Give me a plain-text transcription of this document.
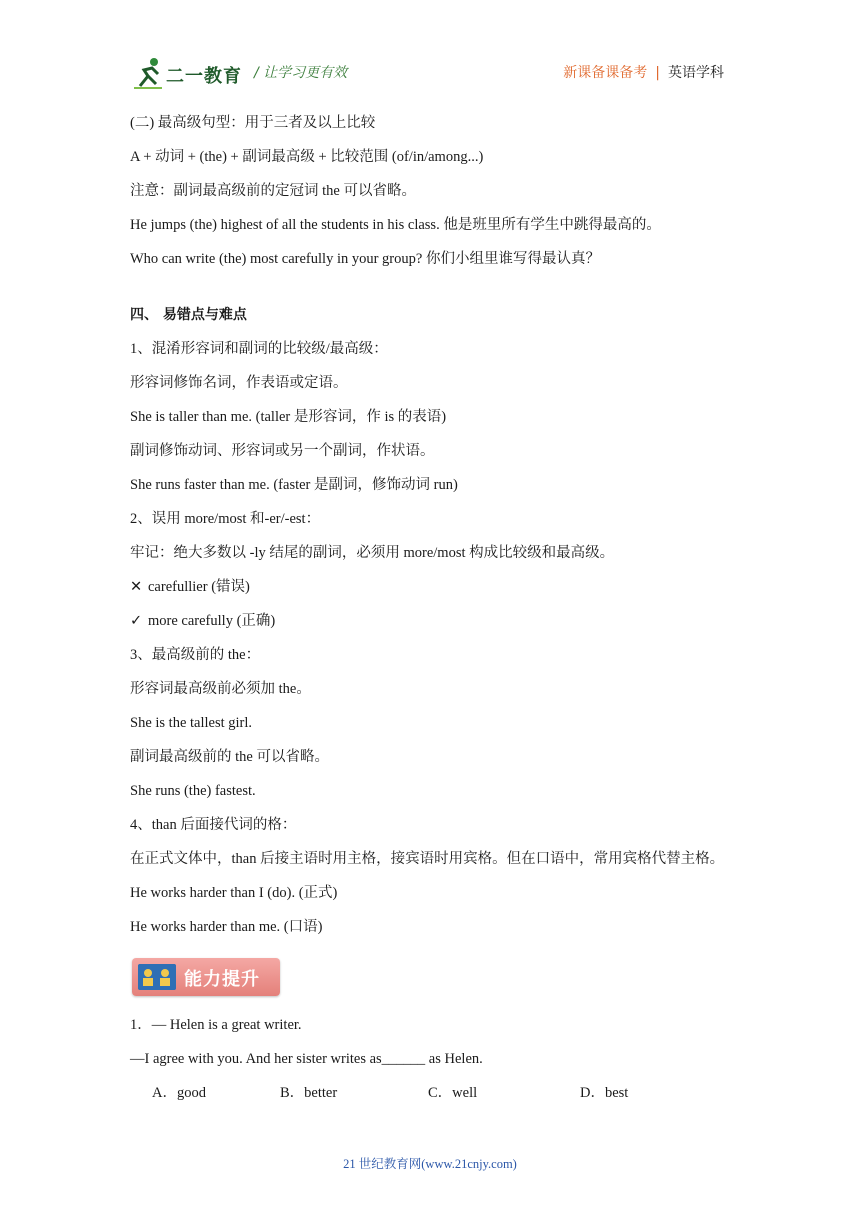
二一教育 / 让学习更有效	新课备课备考 | 英语学科
(二) 最高级句型：用于三者及以上比较
A + 动词 + (the) + 副词最高级 + 比较范围 (of/in/among...)
注意：副词最高级前的定冠词 the 可以省略。
He jumps (the) highest of all the students in his class. 他是班里所有学生中跳得最高的。
Who can write (the) most carefully in your group? 你们小组里谁写得最认真？
四、 易错点与难点
1、混淆形容词和副词的比较级/最高级：
形容词修饰名词，作表语或定语。
She is taller than me. (taller 是形容词，作 is 的表语)
副词修饰动词、形容词或另一个副词，作状语。
She runs faster than me. (faster 是副词，修饰动词 run)
2、误用 more/most 和-er/-est：
牢记：绝大多数以 -ly 结尾的副词，必须用 more/most 构成比较级和最高级。
✕ carefullier (错误)
✓ more carefully (正确)
3、最高级前的 the：
形容词最高级前必须加 the。
She is the tallest girl.
副词最高级前的 the 可以省略。
She runs (the) fastest.
4、than 后面接代词的格：
在正式文体中，than 后接主语时用主格，接宾语时用宾格。但在口语中，常用宾格代替主格。
He works harder than I (do). (正式)
He works harder than me. (口语)
能力提升
1．— Helen is a great writer.
—I agree with you. And her sister writes as______ as Helen.
A．good	B．better	C．well	D．best
21 世纪教育网(www.21cnjy.com)
